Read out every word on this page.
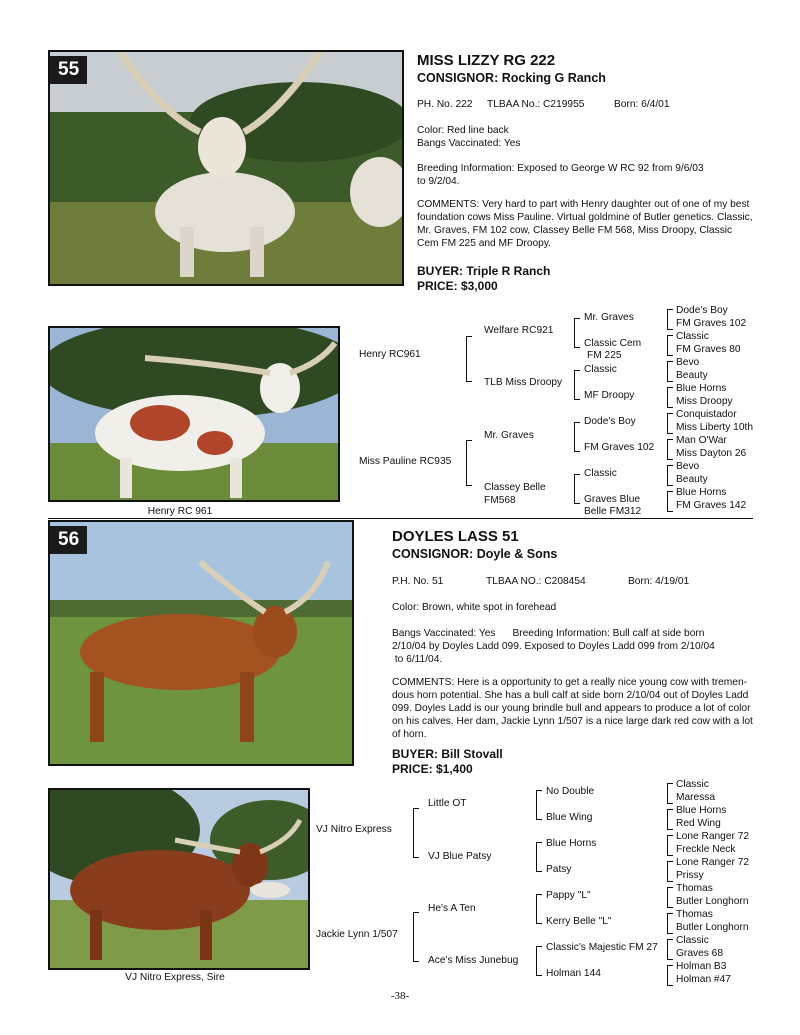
55	MISS LIZZY RG 222
CONSIGNOR: Rocking G Ranch
PH. No. 222 TLBAA No.: C219955	Born: 6/4/01
Color: Red line back
Bangs Vaccinated: Yes
Breeding Information: Exposed to George W RC 92 from 9/6/03
to 9/2/04.
COMMENTS: Very hard to part with Henry daughter out of one of my best
foundation cows Miss Pauline. Virtual goldmine of Butler genetics. Classic,
Mr. Graves, FM 102 cow, Classey Belle FM 568, Miss Droopy, Classic
Cem FM 225 and MF Droopy.
BUYER: Triple R Ranch
PRICE: $3,000
Henry RC 961
Henry RC961
Miss Pauline RC935
Welfare RC921
TLB Miss Droopy
Mr. Graves
Classey Belle
FM568
Mr. Graves
Classic Cem
FM 225
Classic
MF Droopy
Dode's Boy
FM Graves 102
Classic
Graves Blue
Belle FM312
Dode's Boy
FM Graves 102
Classic
FM Graves 80
Bevo
Beauty
Blue Horns
Miss Droopy
Conquistador
Miss Liberty 10th
Man O'War
Miss Dayton 26
Bevo
Beauty
Blue Horns
FM Graves 142
56	DOYLES LASS 51
CONSIGNOR: Doyle & Sons
P.H. No. 51	TLBAA NO.: C208454	Born: 4/19/01
Color: Brown, white spot in forehead
Bangs Vaccinated: Yes      Breeding Information: Bull calf at side born
2/10/04 by Doyles Ladd 099. Exposed to Doyles Ladd 099 from 2/10/04
to 6/11/04.
COMMENTS: Here is a opportunity to get a really nice young cow with tremen-
dous horn potential. She has a bull calf at side born 2/10/04 out of Doyles Ladd
099. Doyles Ladd is our young brindle bull and appears to produce a lot of color
on his calves. Her dam, Jackie Lynn 1/507 is a nice large dark red cow with a lot
of horn.
BUYER: Bill Stovall
PRICE: $1,400
VJ Nitro Express, Sire
VJ Nitro Express
Jackie Lynn 1/507
Little OT
VJ Blue Patsy
He's A Ten
Ace's Miss Junebug
No Double
Blue Wing
Blue Horns
Patsy
Pappy "L"
Kerry Belle "L"
Classic's Majestic FM 27
Holman 144
Classic
Maressa
Blue Horns
Red Wing
Lone Ranger 72
Freckle Neck
Lone Ranger 72
Prissy
Thomas
Butler Longhorn
Thomas
Butler Longhorn
Classic
Graves 68
Holman B3
Holman #47
-38-
